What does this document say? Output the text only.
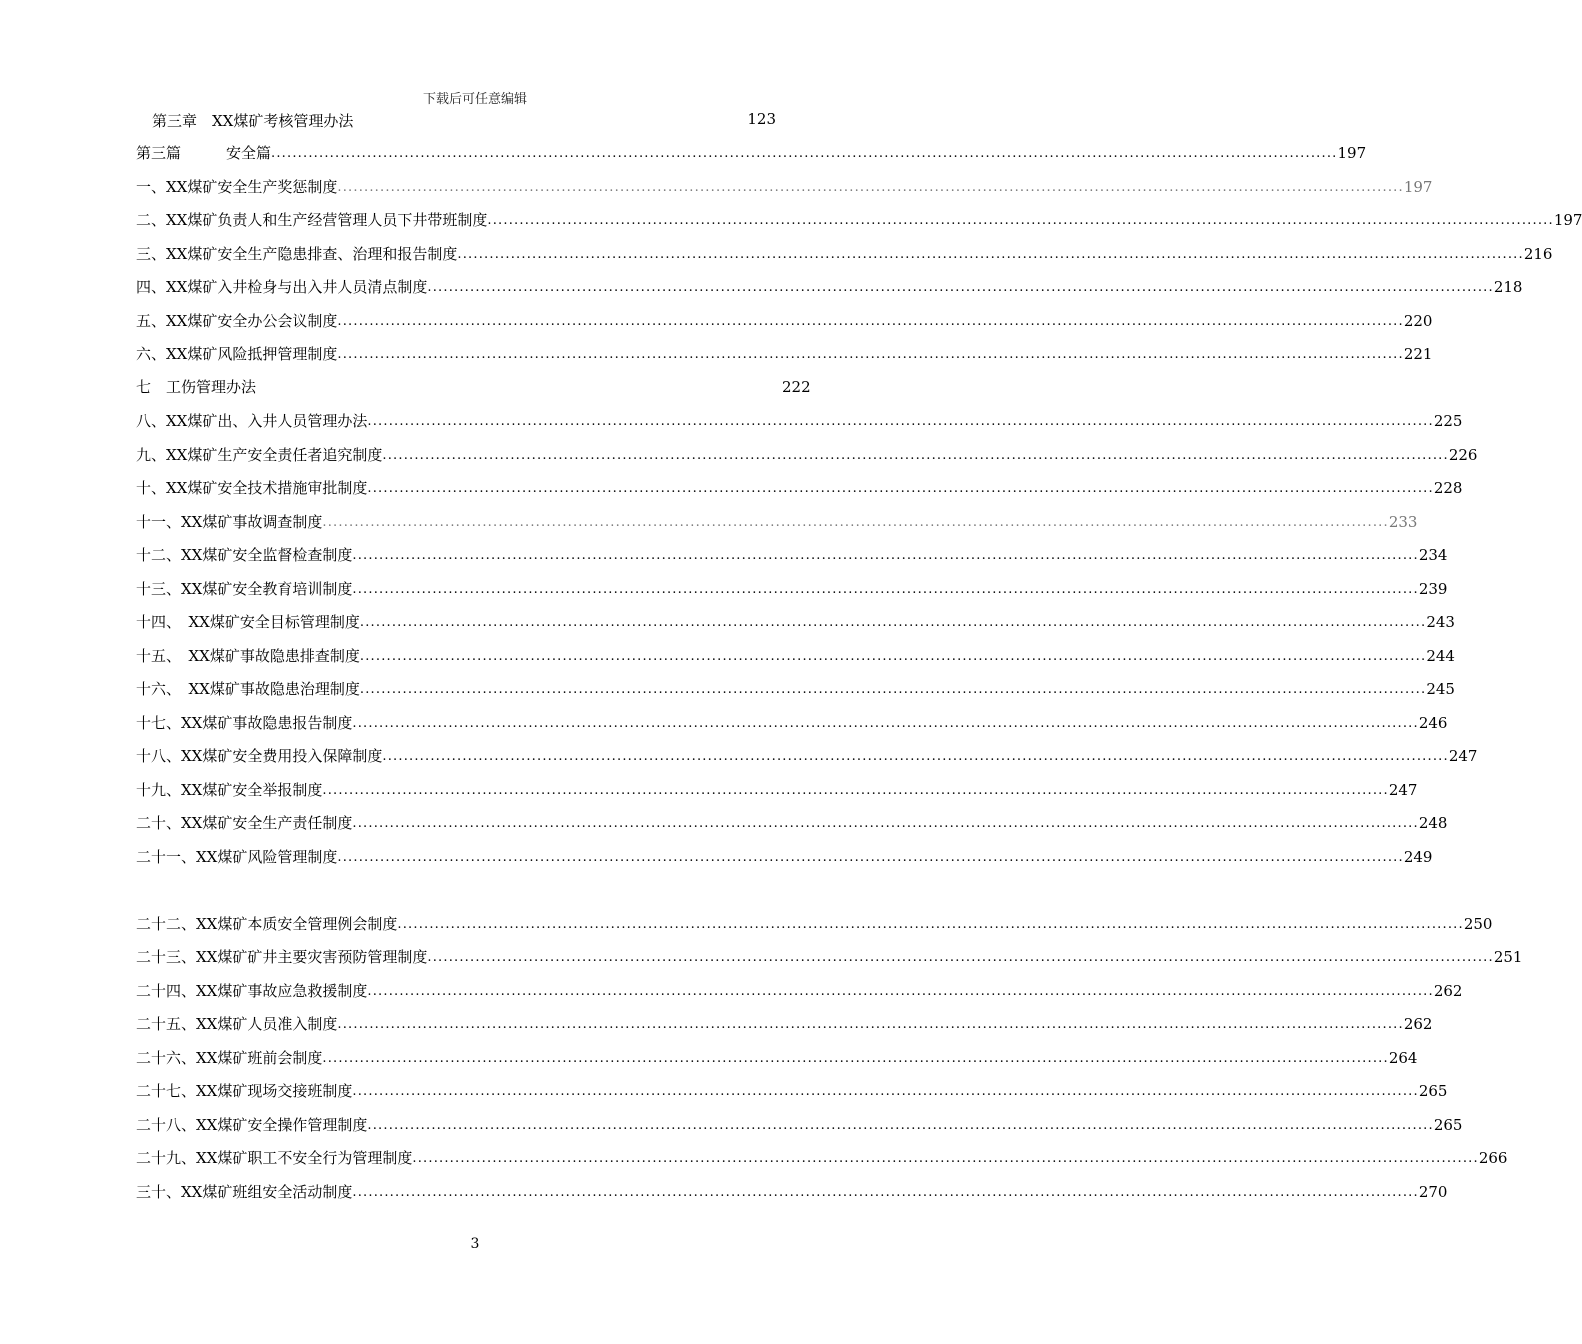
下载后可任意编辑
第三章　XX煤矿考核管理办法	123
第三篇　　　安全篇 ........................................................................................................................................................................................................ 197
一、XX煤矿安全生产奖惩制度 ........................................................................................................................................................................................................ 197
二、XX煤矿负责人和生产经营管理人员下井带班制度 ........................................................................................................................................................................................................ 197
三、XX煤矿安全生产隐患排查、治理和报告制度 ........................................................................................................................................................................................................ 216
四、XX煤矿入井检身与出入井人员清点制度 ........................................................................................................................................................................................................ 218
五、XX煤矿安全办公会议制度 ........................................................................................................................................................................................................ 220
六、XX煤矿风险抵押管理制度 ........................................................................................................................................................................................................ 221
七　工伤管理办法	222
八、XX煤矿出、入井人员管理办法 ........................................................................................................................................................................................................ 225
九、XX煤矿生产安全责任者追究制度 ........................................................................................................................................................................................................ 226
十、XX煤矿安全技术措施审批制度 ........................................................................................................................................................................................................ 228
十一、XX煤矿事故调查制度 ........................................................................................................................................................................................................ 233
十二、XX煤矿安全监督检查制度 ........................................................................................................................................................................................................ 234
十三、XX煤矿安全教育培训制度 ........................................................................................................................................................................................................ 239
十四、　XX煤矿安全目标管理制度 ........................................................................................................................................................................................................ 243
十五、　XX煤矿事故隐患排查制度 ........................................................................................................................................................................................................ 244
十六、　XX煤矿事故隐患治理制度 ........................................................................................................................................................................................................ 245
十七、XX煤矿事故隐患报告制度 ........................................................................................................................................................................................................ 246
十八、XX煤矿安全费用投入保障制度 ........................................................................................................................................................................................................ 247
十九、XX煤矿安全举报制度 ........................................................................................................................................................................................................ 247
二十、XX煤矿安全生产责任制度 ........................................................................................................................................................................................................ 248
二十一、XX煤矿风险管理制度 ........................................................................................................................................................................................................ 249
二十二、XX煤矿本质安全管理例会制度 ........................................................................................................................................................................................................ 250
二十三、XX煤矿矿井主要灾害预防管理制度 ........................................................................................................................................................................................................ 251
二十四、XX煤矿事故应急救援制度 ........................................................................................................................................................................................................ 262
二十五、XX煤矿人员准入制度 ........................................................................................................................................................................................................ 262
二十六、XX煤矿班前会制度 ........................................................................................................................................................................................................ 264
二十七、XX煤矿现场交接班制度 ........................................................................................................................................................................................................ 265
二十八、XX煤矿安全操作管理制度 ........................................................................................................................................................................................................ 265
二十九、XX煤矿职工不安全行为管理制度 ........................................................................................................................................................................................................ 266
三十、XX煤矿班组安全活动制度 ........................................................................................................................................................................................................ 270
3
